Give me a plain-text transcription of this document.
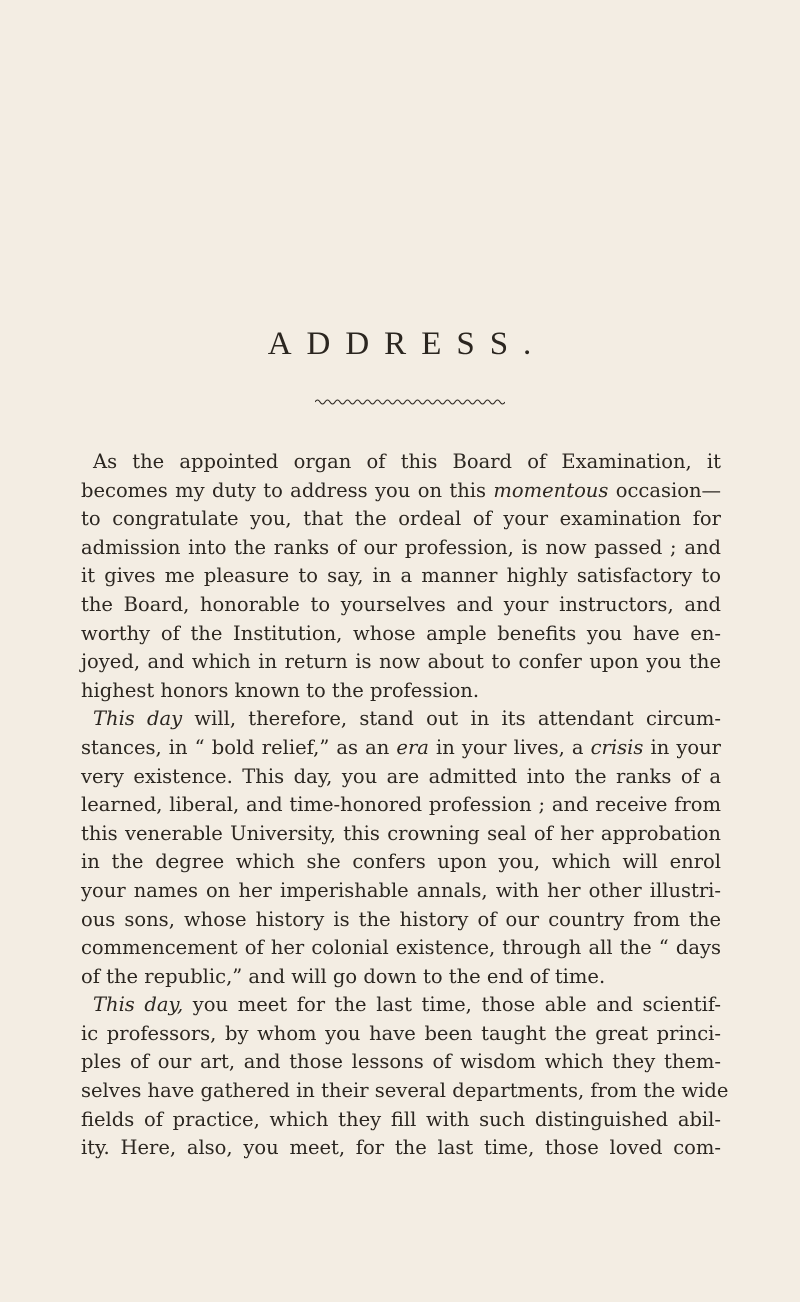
ADDRESS.
As the appointed organ of this Board of Examination, it
becomes my duty to address you on this momentous occasion—
to congratulate you, that the ordeal of your examination for
admission into the ranks of our profession, is now passed ; and
it gives me pleasure to say, in a manner highly satisfactory to
the Board, honorable to yourselves and your instructors, and
worthy of the Institution, whose ample benefits you have en-
joyed, and which in return is now about to confer upon you the
highest honors known to the profession.
This day will, therefore, stand out in its attendant circum-
stances, in “ bold relief,” as an era in your lives, a crisis in your
very existence. This day, you are admitted into the ranks of a
learned, liberal, and time-honored profession ; and receive from
this venerable University, this crowning seal of her approbation
in the degree which she confers upon you, which will enrol
your names on her imperishable annals, with her other illustri-
ous sons, whose history is the history of our country from the
commencement of her colonial existence, through all the “ days
of the republic,” and will go down to the end of time.
This day, you meet for the last time, those able and scientif-
ic professors, by whom you have been taught the great princi-
ples of our art, and those lessons of wisdom which they them-
selves have gathered in their several departments, from the wide
fields of practice, which they fill with such distinguished abil-
ity. Here, also, you meet, for the last time, those loved com-
